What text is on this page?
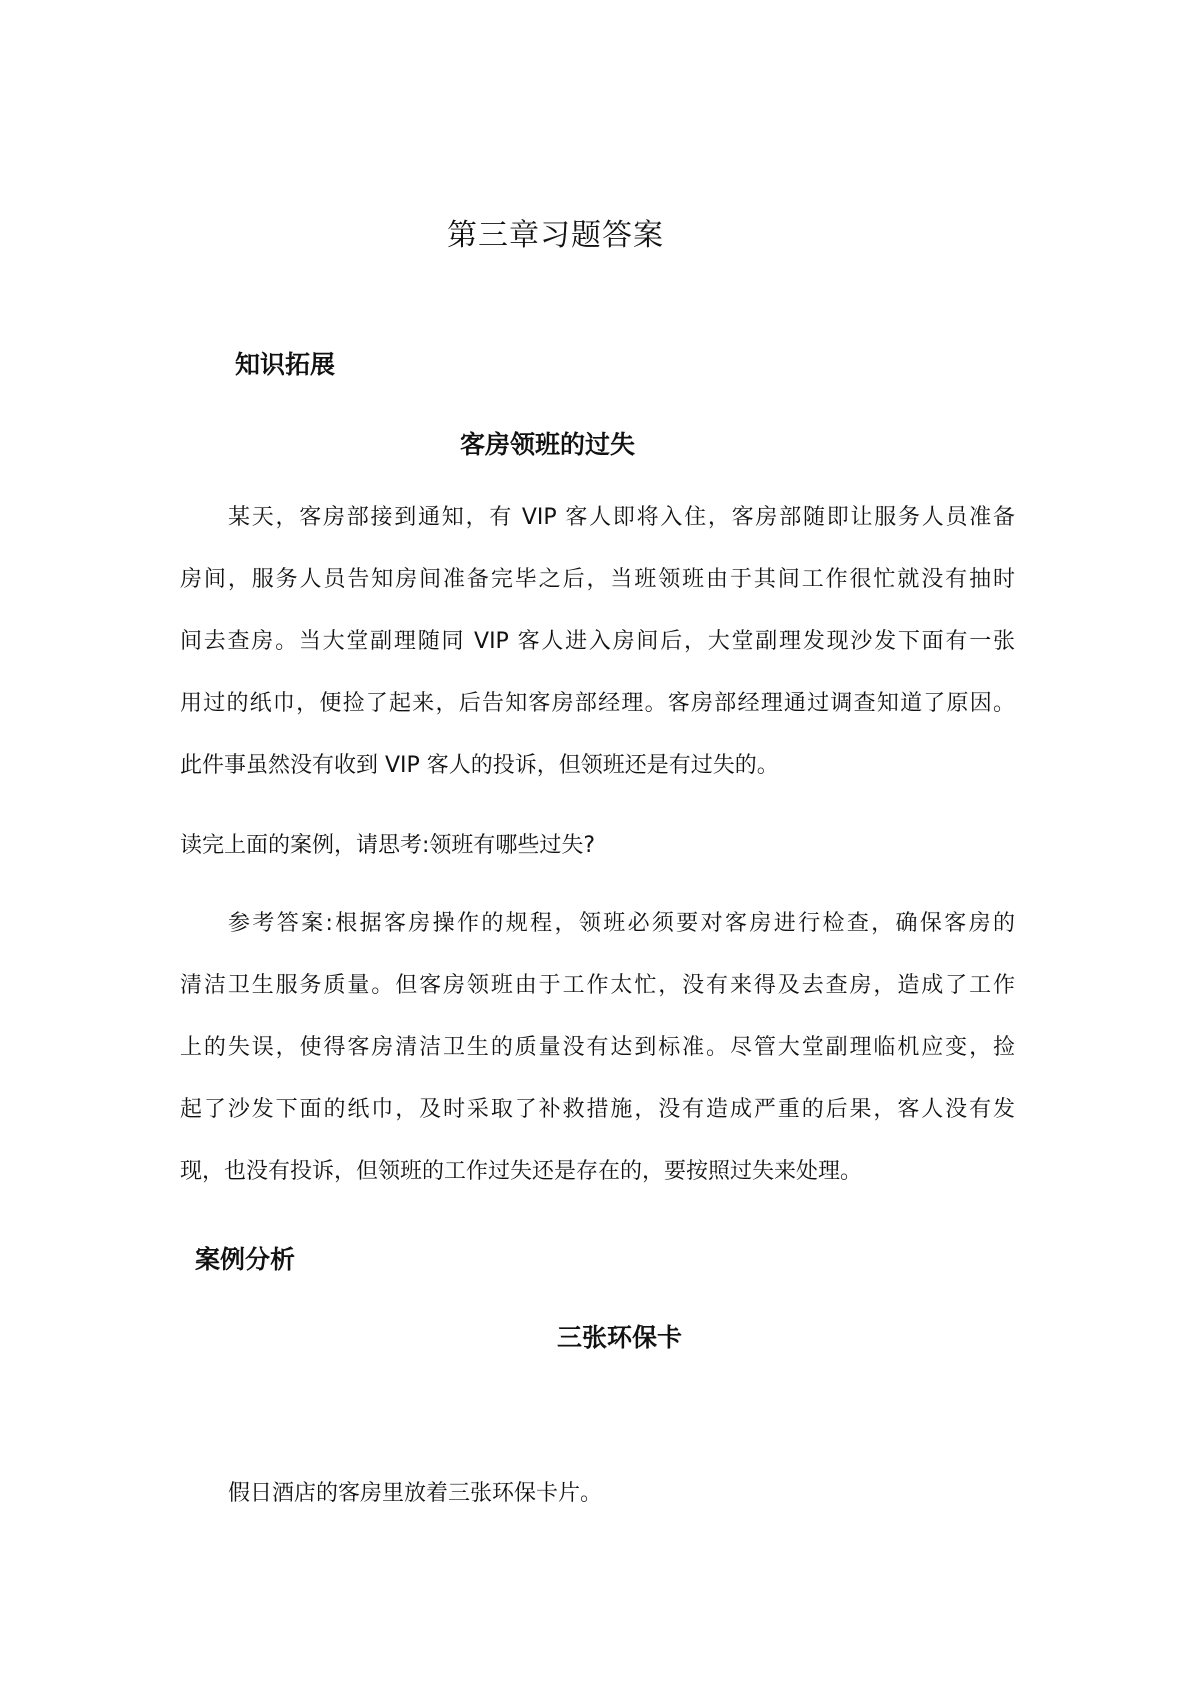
第三章习题答案
知识拓展
客房领班的过失
某天，客房部接到通知，有 VIP 客人即将入住，客房部随即让服务人员准备
房间，服务人员告知房间准备完毕之后，当班领班由于其间工作很忙就没有抽时
间去查房。当大堂副理随同 VIP 客人进入房间后，大堂副理发现沙发下面有一张
用过的纸巾，便捡了起来，后告知客房部经理。客房部经理通过调查知道了原因。
此件事虽然没有收到 VIP 客人的投诉，但领班还是有过失的。
读完上面的案例，请思考:领班有哪些过失?
参考答案:根据客房操作的规程，领班必须要对客房进行检查，确保客房的
清洁卫生服务质量。但客房领班由于工作太忙，没有来得及去查房，造成了工作
上的失误，使得客房清洁卫生的质量没有达到标准。尽管大堂副理临机应变，捡
起了沙发下面的纸巾，及时采取了补救措施，没有造成严重的后果，客人没有发
现，也没有投诉，但领班的工作过失还是存在的，要按照过失来处理。
案例分析
三张环保卡
假日酒店的客房里放着三张环保卡片。
